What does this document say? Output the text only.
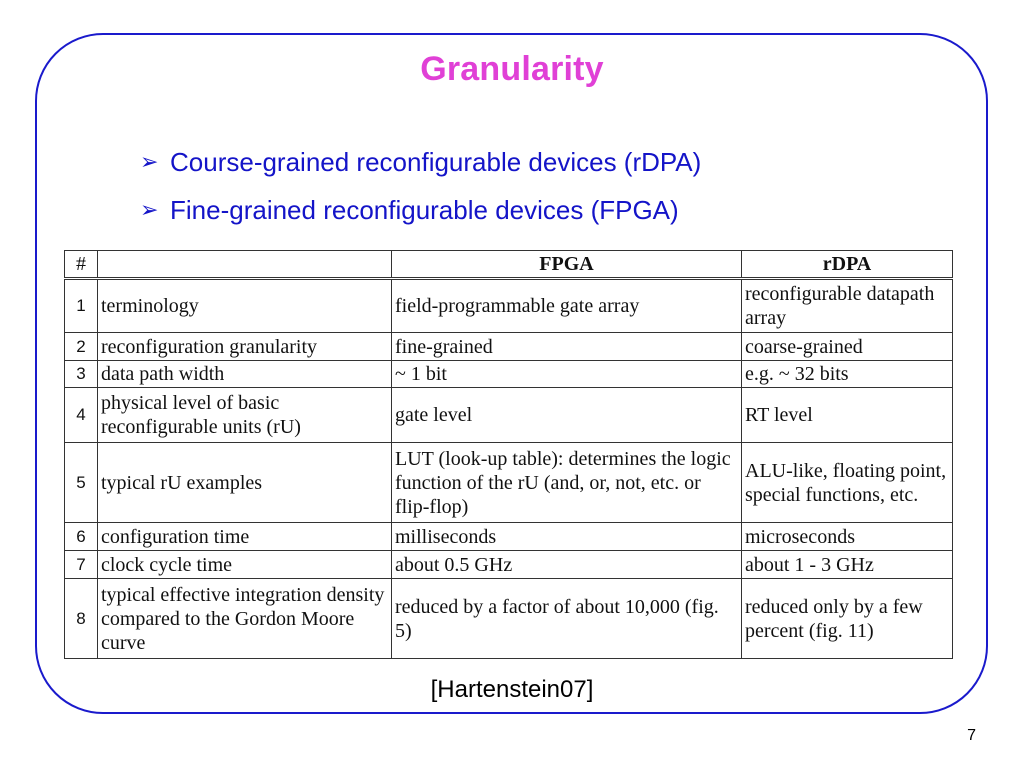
Granularity
➢ Course-grained reconfigurable devices (rDPA)
➢ Fine-grained reconfigurable devices (FPGA)
#		FPGA	rDPA
1	terminology	field-programmable gate array	reconfigurable datapath array
2	reconfiguration granularity	fine-grained	coarse-grained
3	data path width	~ 1 bit	e.g. ~ 32 bits
4	physical level of basic reconfigurable units (rU)	gate level	RT level
5	typical rU examples	LUT (look-up table): determines the logic function of the rU (and, or, not, etc. or flip-flop)	ALU-like, floating point, special functions, etc.
6	configuration time	milliseconds	microseconds
7	clock cycle time	about 0.5 GHz	about 1 - 3 GHz
8	typical effective integration density compared to the Gordon Moore curve	reduced by a factor of about 10,000 (fig. 5)	reduced only by a few percent (fig. 11)
[Hartenstein07]
7
